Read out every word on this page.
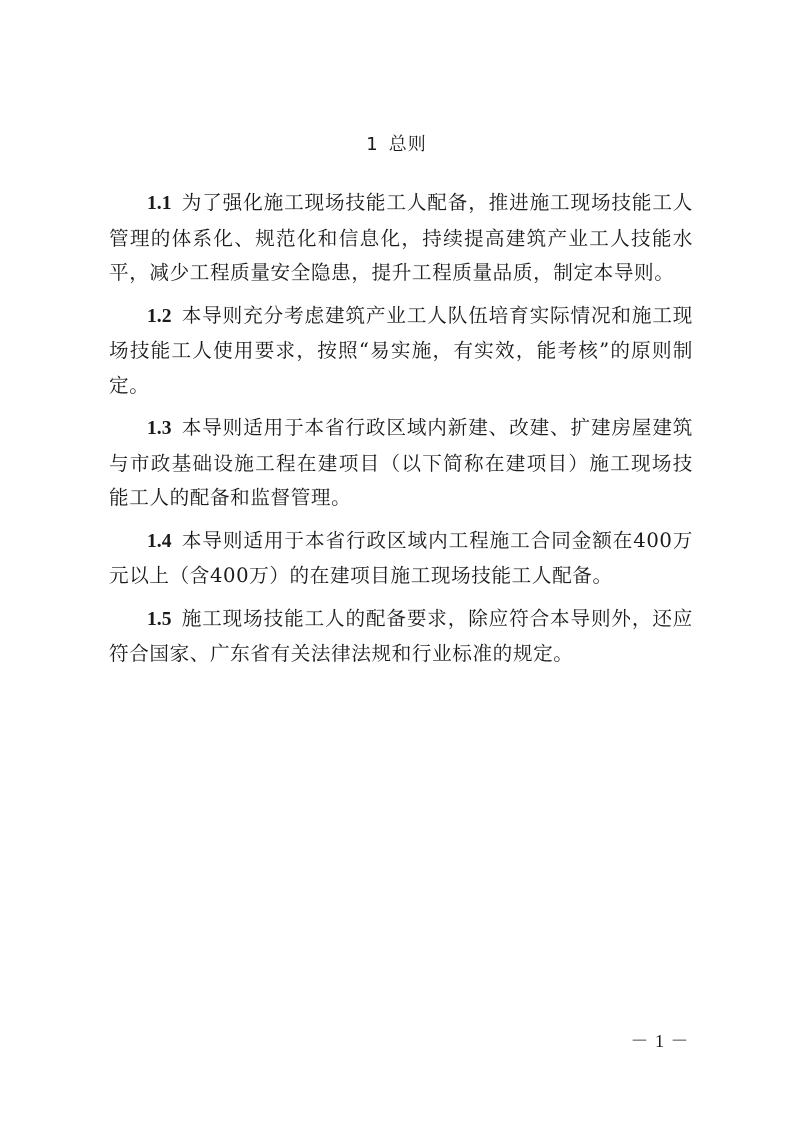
1 总则

1.1 为了强化施工现场技能工人配备，推进施工现场技能工人管理的体系化、规范化和信息化，持续提高建筑产业工人技能水平，减少工程质量安全隐患，提升工程质量品质，制定本导则。

1.2 本导则充分考虑建筑产业工人队伍培育实际情况和施工现场技能工人使用要求，按照“易实施，有实效，能考核”的原则制定。

1.3 本导则适用于本省行政区域内新建、改建、扩建房屋建筑与市政基础设施工程在建项目（以下简称在建项目）施工现场技能工人的配备和监督管理。

1.4 本导则适用于本省行政区域内工程施工合同金额在400万元以上（含400万）的在建项目施工现场技能工人配备。

1.5 施工现场技能工人的配备要求，除应符合本导则外，还应符合国家、广东省有关法律法规和行业标准的规定。

－ 1 －
